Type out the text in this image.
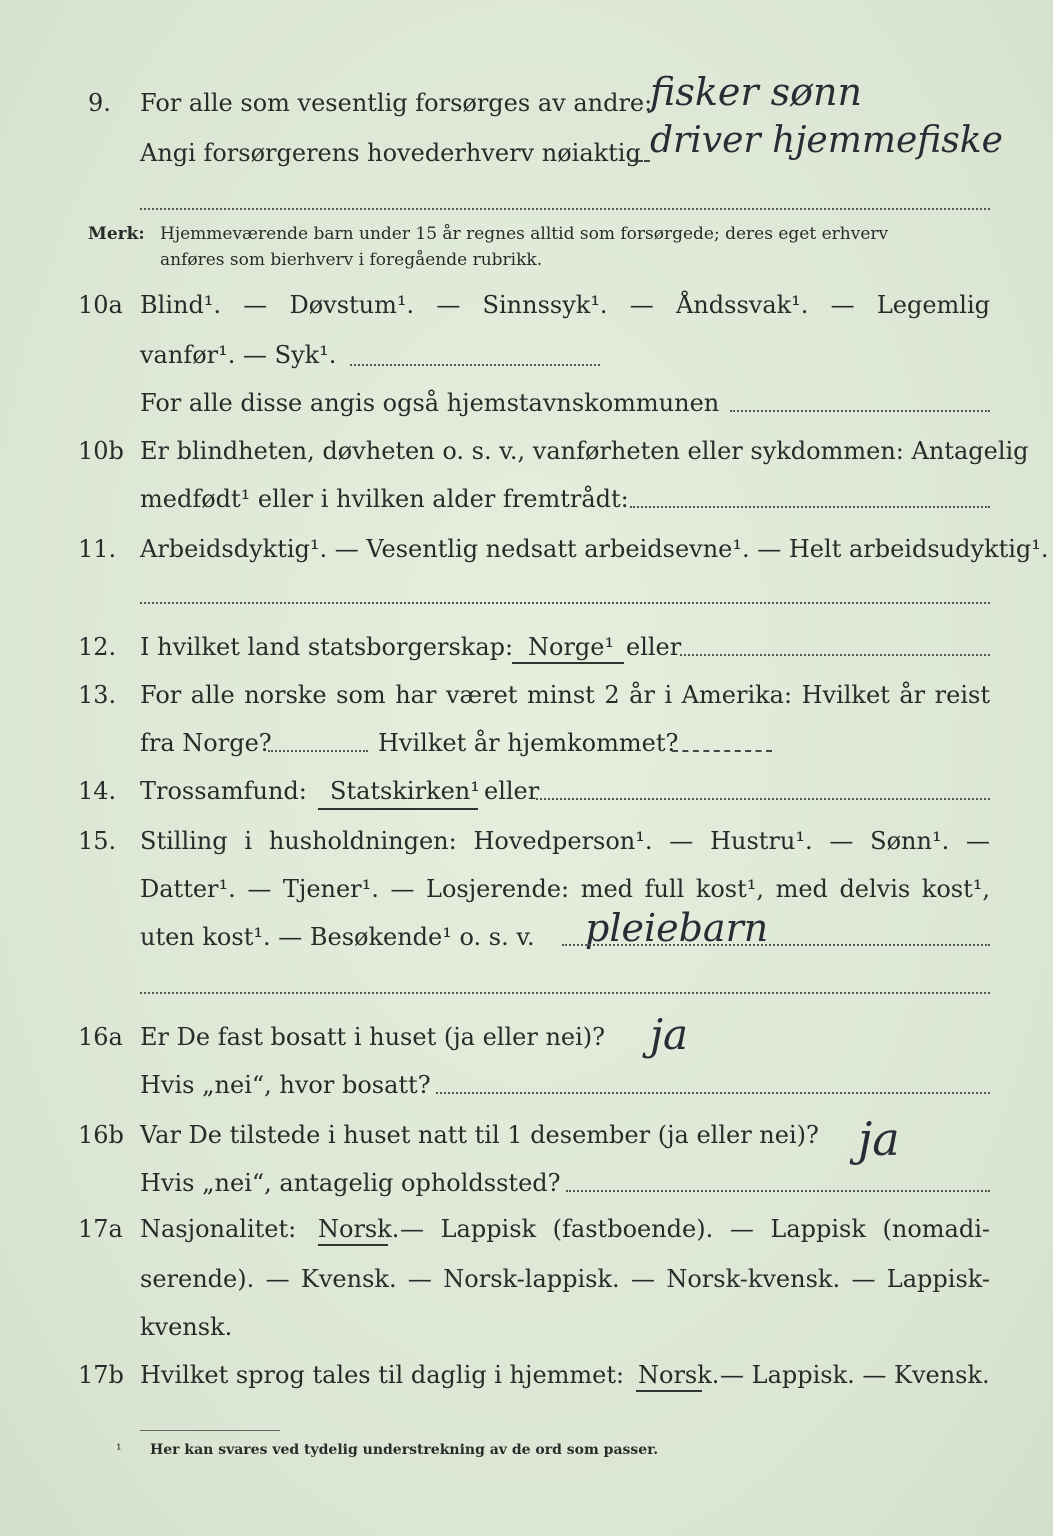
9. For alle som vesentlig forsørges av andre:
fisker sønn
Angi forsørgerens hovederhverv nøiaktig driver hjemmefiske
Merk: Hjemmeværende barn under 15 år regnes alltid som forsørgede; deres eget erhverv
anføres som bierhverv i foregående rubrikk.
10a Blind¹. — Døvstum¹. — Sinnssyk¹. — Åndssvak¹. — Legemlig
vanfør¹. — Syk¹.
For alle disse angis også hjemstavnskommunen
10b Er blindheten, døvheten o. s. v., vanførheten eller sykdommen: Antagelig
medfødt¹ eller i hvilken alder fremtrådt:
11. Arbeidsdyktig¹. — Vesentlig nedsatt arbeidsevne¹. — Helt arbeidsudyktig¹.
12. I hvilket land statsborgerskap: Norge¹ eller
13. For alle norske som har været minst 2 år i Amerika: Hvilket år reist
fra Norge?	Hvilket år hjemkommet?
14. Trossamfund: Statskirken¹ eller
15. Stilling i husholdningen: Hovedperson¹. — Hustru¹. — Sønn¹. —
Datter¹. — Tjener¹. — Losjerende: med full kost¹, med delvis kost¹,
uten kost¹. — Besøkende¹ o. s. v. pleiebarn
16a Er De fast bosatt i huset (ja eller nei)? ja
Hvis „nei“, hvor bosatt?
16b Var De tilstede i huset natt til 1 desember (ja eller nei)? ja
Hvis „nei“, antagelig opholdssted?
17a Nasjonalitet: Norsk. — Lappisk (fastboende). — Lappisk (nomadi-
serende). — Kvensk. — Norsk-lappisk. — Norsk-kvensk. — Lappisk-
kvensk.
17b Hvilket sprog tales til daglig i hjemmet: Norsk. — Lappisk. — Kvensk.
¹ Her kan svares ved tydelig understrekning av de ord som passer.
